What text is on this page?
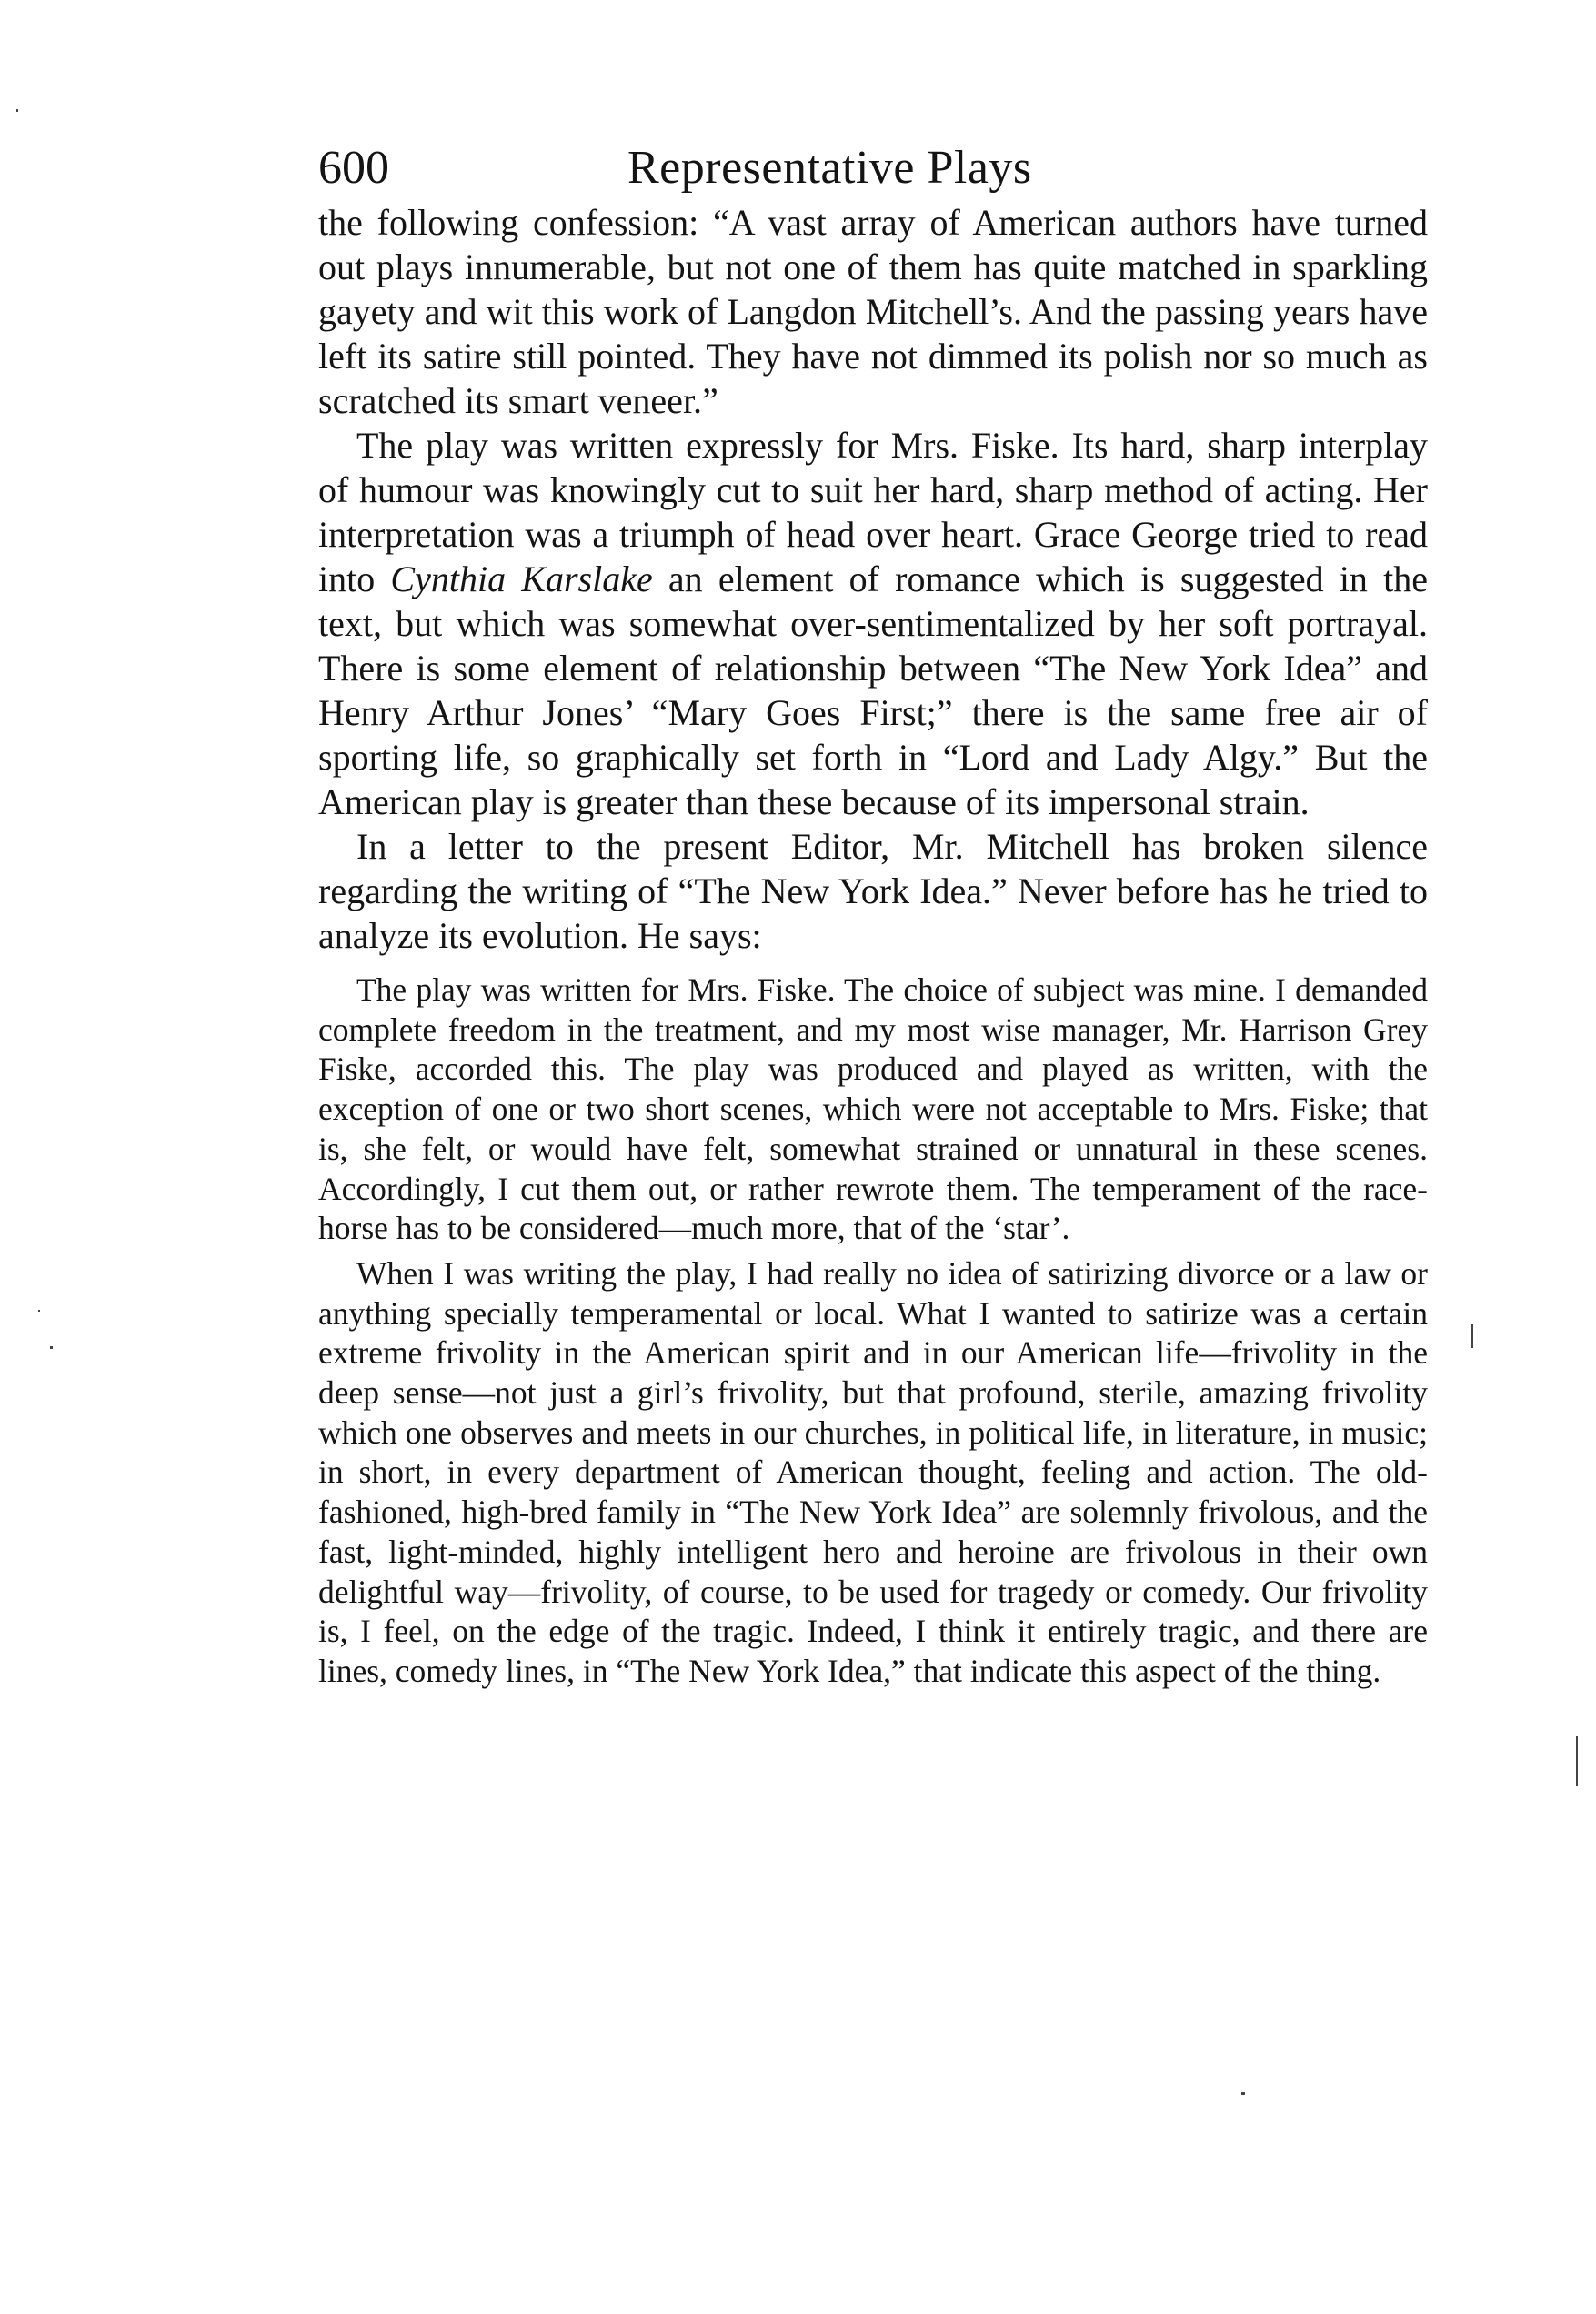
600	Representative Plays

the following confession: “A vast array of American authors have turned out plays innumerable, but not one of them has quite matched in sparkling gayety and wit this work of Langdon Mitchell’s. And the passing years have left its satire still pointed. They have not dimmed its polish nor so much as scratched its smart veneer.”

The play was written expressly for Mrs. Fiske. Its hard, sharp interplay of humour was knowingly cut to suit her hard, sharp method of acting. Her interpretation was a triumph of head over heart. Grace George tried to read into Cynthia Karslake an element of romance which is suggested in the text, but which was somewhat over-sentimentalized by her soft portrayal. There is some element of relationship between “The New York Idea” and Henry Arthur Jones’ “Mary Goes First;” there is the same free air of sporting life, so graphically set forth in “Lord and Lady Algy.” But the American play is greater than these because of its impersonal strain.

In a letter to the present Editor, Mr. Mitchell has broken silence regarding the writing of “The New York Idea.” Never before has he tried to analyze its evolution. He says:

The play was written for Mrs. Fiske. The choice of subject was mine. I demanded complete freedom in the treatment, and my most wise manager, Mr. Harrison Grey Fiske, accorded this. The play was produced and played as written, with the exception of one or two short scenes, which were not acceptable to Mrs. Fiske; that is, she felt, or would have felt, somewhat strained or unnatural in these scenes. Accordingly, I cut them out, or rather rewrote them. The temperament of the race-horse has to be considered—much more, that of the ‘star’.

When I was writing the play, I had really no idea of satirizing divorce or a law or anything specially temperamental or local. What I wanted to satirize was a certain extreme frivolity in the American spirit and in our American life—frivolity in the deep sense—not just a girl’s frivolity, but that profound, sterile, amazing frivolity which one observes and meets in our churches, in political life, in literature, in music; in short, in every department of American thought, feeling and action. The old-fashioned, high-bred family in “The New York Idea” are solemnly frivolous, and the fast, light-minded, highly intelligent hero and heroine are frivolous in their own delightful way—frivolity, of course, to be used for tragedy or comedy. Our frivolity is, I feel, on the edge of the tragic. Indeed, I think it entirely tragic, and there are lines, comedy lines, in “The New York Idea,” that indicate this aspect of the thing.
